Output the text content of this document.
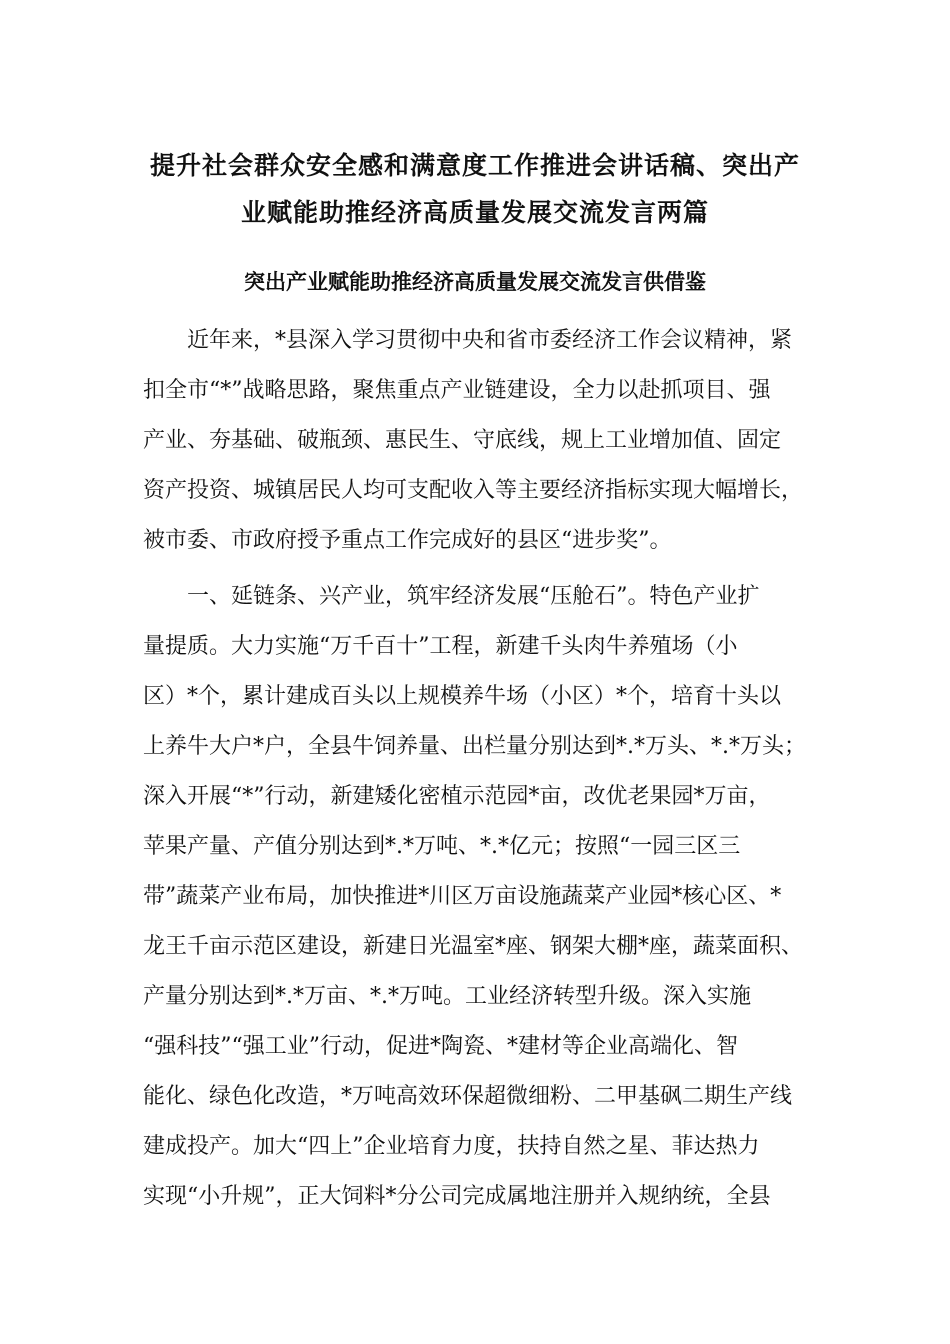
提升社会群众安全感和满意度工作推进会讲话稿、突出产
业赋能助推经济高质量发展交流发言两篇
突出产业赋能助推经济高质量发展交流发言供借鉴
近年来，*县深入学习贯彻中央和省市委经济工作会议精神，紧
扣全市“*”战略思路，聚焦重点产业链建设，全力以赴抓项目、强
产业、夯基础、破瓶颈、惠民生、守底线，规上工业增加值、固定
资产投资、城镇居民人均可支配收入等主要经济指标实现大幅增长，
被市委、市政府授予重点工作完成好的县区“进步奖”。
一、延链条、兴产业，筑牢经济发展“压舱石”。特色产业扩
量提质。大力实施“万千百十”工程，新建千头肉牛养殖场（小
区）*个，累计建成百头以上规模养牛场（小区）*个，培育十头以
上养牛大户*户，全县牛饲养量、出栏量分别达到*.*万头、*.*万头；
深入开展“*”行动，新建矮化密植示范园*亩，改优老果园*万亩，
苹果产量、产值分别达到*.*万吨、*.*亿元；按照“一园三区三
带”蔬菜产业布局，加快推进*川区万亩设施蔬菜产业园*核心区、*
龙王千亩示范区建设，新建日光温室*座、钢架大棚*座，蔬菜面积、
产量分别达到*.*万亩、*.*万吨。工业经济转型升级。深入实施
“强科技”“强工业”行动，促进*陶瓷、*建材等企业高端化、智
能化、绿色化改造，*万吨高效环保超微细粉、二甲基砜二期生产线
建成投产。加大“四上”企业培育力度，扶持自然之星、菲达热力
实现“小升规”，正大饲料*分公司完成属地注册并入规纳统，全县
